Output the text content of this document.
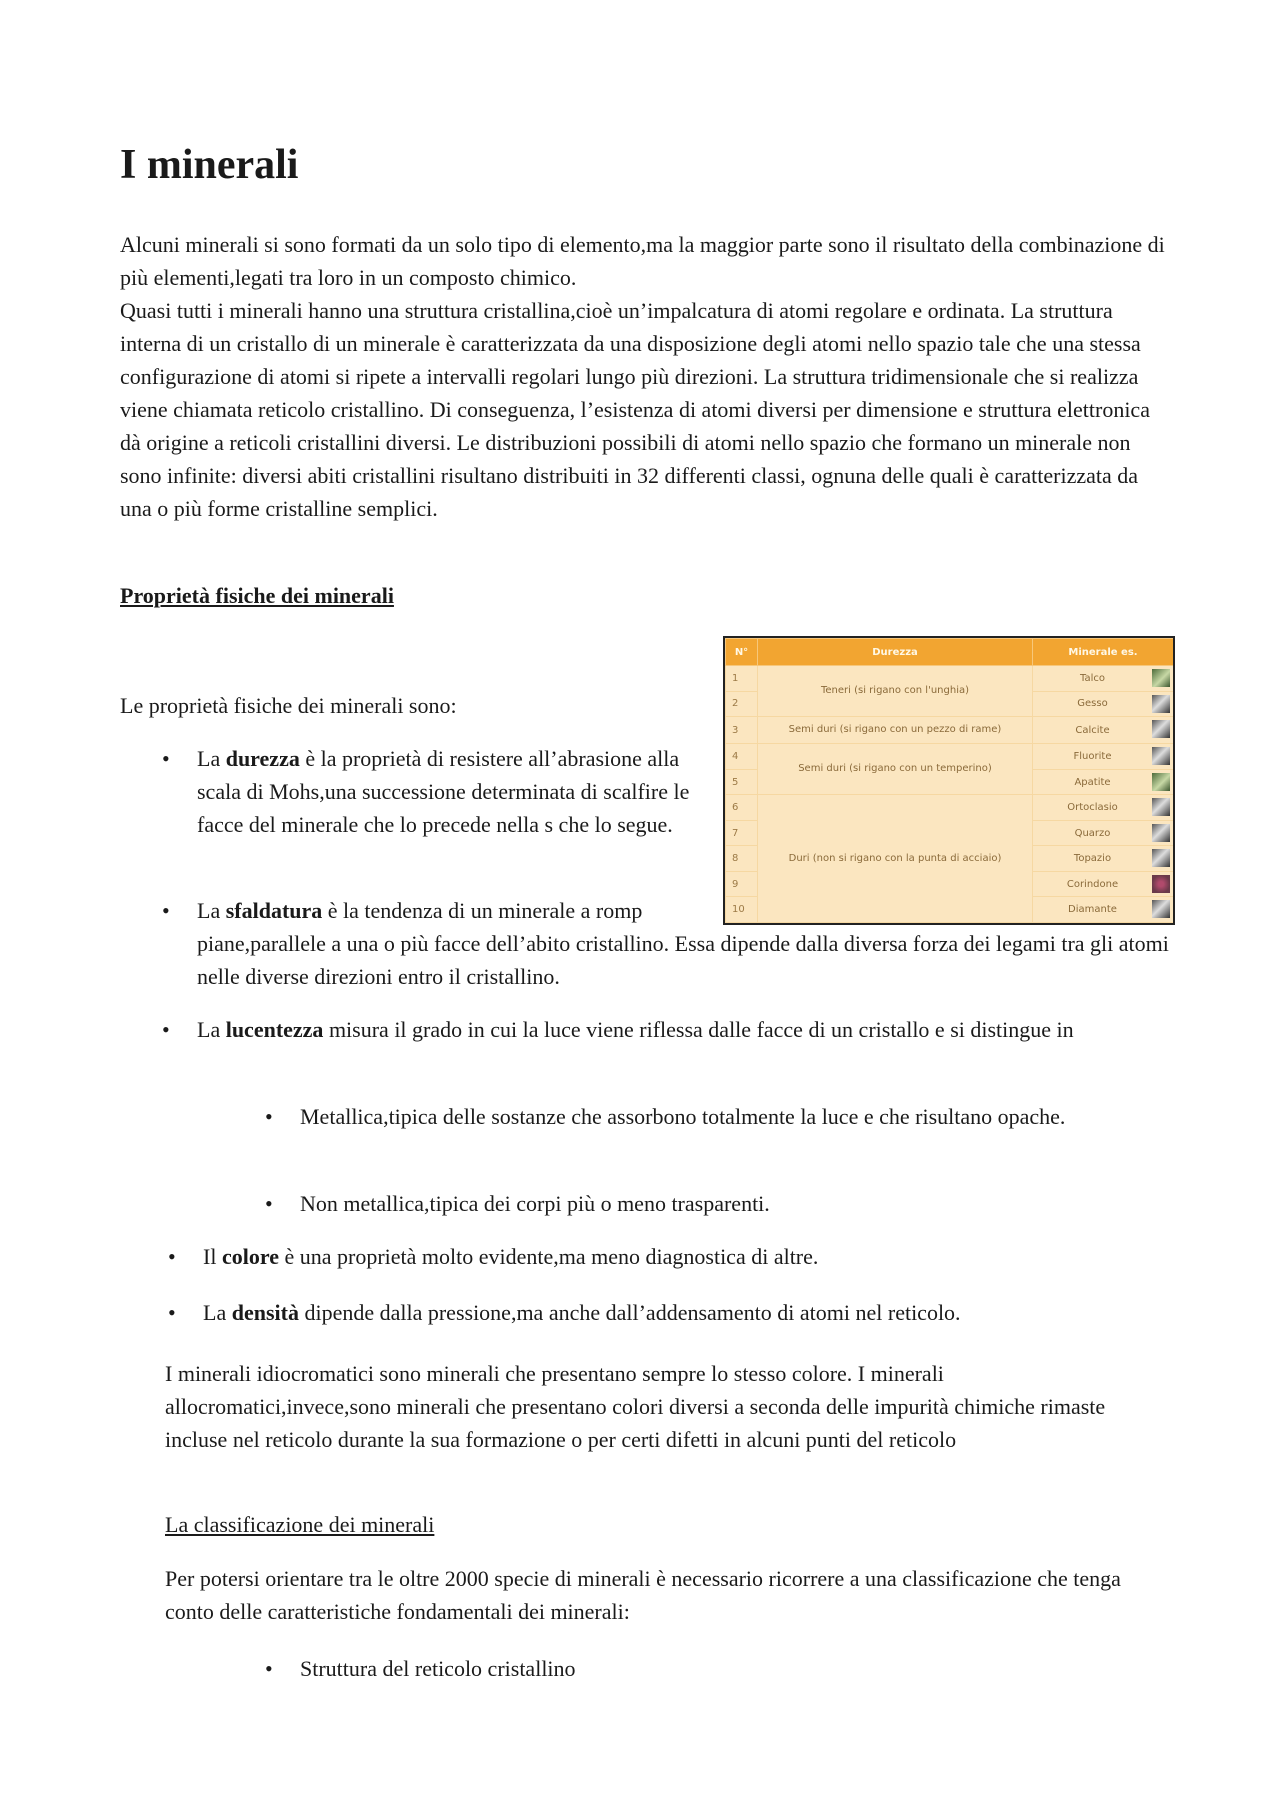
I minerali
Alcuni minerali si sono formati da un solo tipo di elemento,ma la maggior parte sono il risultato della combinazione di più elementi,legati tra loro in un composto chimico.
Quasi tutti i minerali hanno una struttura cristallina,cioè un’impalcatura di atomi regolare e ordinata. La struttura interna di un cristallo di un minerale è caratterizzata da una disposizione degli atomi nello spazio tale che una stessa configurazione di atomi si ripete a intervalli regolari lungo più direzioni. La struttura tridimensionale che si realizza viene chiamata reticolo cristallino. Di conseguenza, l’esistenza di atomi diversi per dimensione e struttura elettronica dà origine a reticoli cristallini diversi. Le distribuzioni possibili di atomi nello spazio che formano un minerale non sono infinite: diversi abiti cristallini risultano distribuiti in 32 differenti classi, ognuna delle quali è caratterizzata da una o più forme cristalline semplici.
Proprietà fisiche dei minerali
Le proprietà fisiche dei minerali sono:
N°	Durezza	Minerale es.
1	Teneri (si rigano con l'unghia)	Talco

2		Gesso

3	Semi duri (si rigano con un pezzo di rame)	Calcite

4	Semi duri (si rigano con un temperino)	Fluorite

5		Apatite

6	Duri (non si rigano con la punta di acciaio)	Ortoclasio

7		Quarzo

8		Topazio

9		Corindone

10		Diamante
• La durezza è la proprietà di resistere all’abrasione alla scala di Mohs,una successione determinata di scalfire le facce del minerale che lo precede nella s che lo segue.
• La sfaldatura è la tendenza di un minerale a romp
piane,parallele a una o più facce dell’abito cristallino. Essa dipende dalla diversa forza dei legami tra gli atomi nelle diverse direzioni entro il cristallino.
• La lucentezza misura il grado in cui la luce viene riflessa dalle facce di un cristallo e si distingue in
• Metallica,tipica delle sostanze che assorbono totalmente la luce e che risultano opache.
• Non metallica,tipica dei corpi più o meno trasparenti.
• Il colore è una proprietà molto evidente,ma meno diagnostica di altre.
• La densità dipende dalla pressione,ma anche dall’addensamento di atomi nel reticolo.
I minerali idiocromatici sono minerali che presentano sempre lo stesso colore. I minerali allocromatici,invece,sono minerali che presentano colori diversi a seconda delle impurità chimiche rimaste incluse nel reticolo durante la sua formazione o per certi difetti in alcuni punti del reticolo
La classificazione dei minerali
Per potersi orientare tra le oltre 2000 specie di minerali è necessario ricorrere a una classificazione che tenga conto delle caratteristiche fondamentali dei minerali:
• Struttura del reticolo cristallino
